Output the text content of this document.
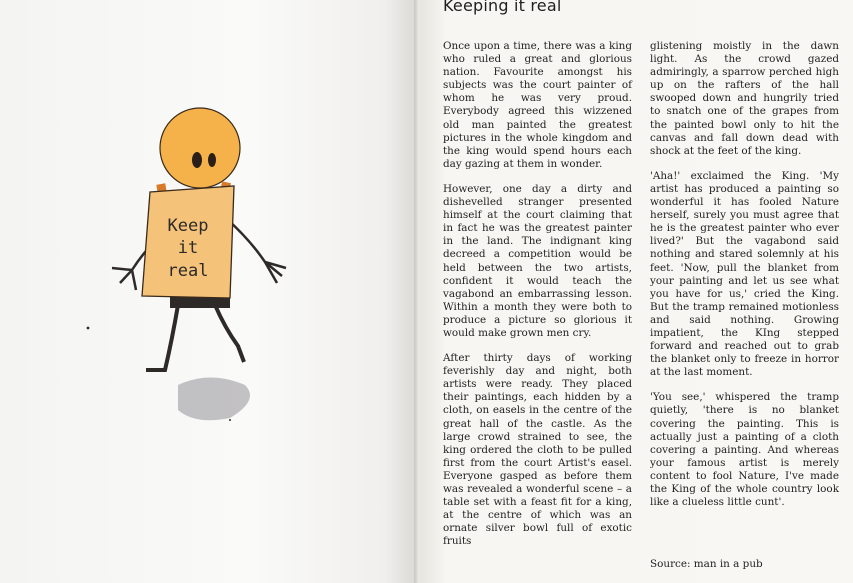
Keep
it
real
Keeping it real

Once upon a time, there was a king who ruled a great and glorious nation. Favourite amongst his subjects was the court painter of whom he was very proud. Everybody agreed this wizzened old man painted the greatest pictures in the whole kingdom and the king would spend hours each day gazing at them in wonder.

However, one day a dirty and dishevelled stranger presented himself at the court claiming that in fact he was the greatest painter in the land. The indignant king decreed a competition would be held between the two artists, confident it would teach the vagabond an embarrassing lesson. Within a month they were both to produce a picture so glorious it would make grown men cry.

After thirty days of working feverishly day and night, both artists were ready. They placed their paintings, each hidden by a cloth, on easels in the centre of the great hall of the castle. As the large crowd strained to see, the king ordered the cloth to be pulled first from the court Artist's easel. Everyone gasped as before them was revealed a wonderful scene – a table set with a feast fit for a king, at the centre of which was an ornate silver bowl full of exotic fruits

glistening moistly in the dawn light. As the crowd gazed admiringly, a sparrow perched high up on the rafters of the hall swooped down and hungrily tried to snatch one of the grapes from the painted bowl only to hit the canvas and fall down dead with shock at the feet of the king.

'Aha!' exclaimed the King. 'My artist has produced a painting so wonderful it has fooled Nature herself, surely you must agree that he is the greatest painter who ever lived?' But the vagabond said nothing and stared solemnly at his feet. 'Now, pull the blanket from your painting and let us see what you have for us,' cried the King. But the tramp remained motionless and said nothing. Growing impatient, the KIng stepped forward and reached out to grab the blanket only to freeze in horror at the last moment.

'You see,' whispered the tramp quietly, 'there is no blanket covering the painting. This is actually just a painting of a cloth covering a painting. And whereas your famous artist is merely content to fool Nature, I've made the King of the whole country look like a clueless little cunt'.

Source: man in a pub
